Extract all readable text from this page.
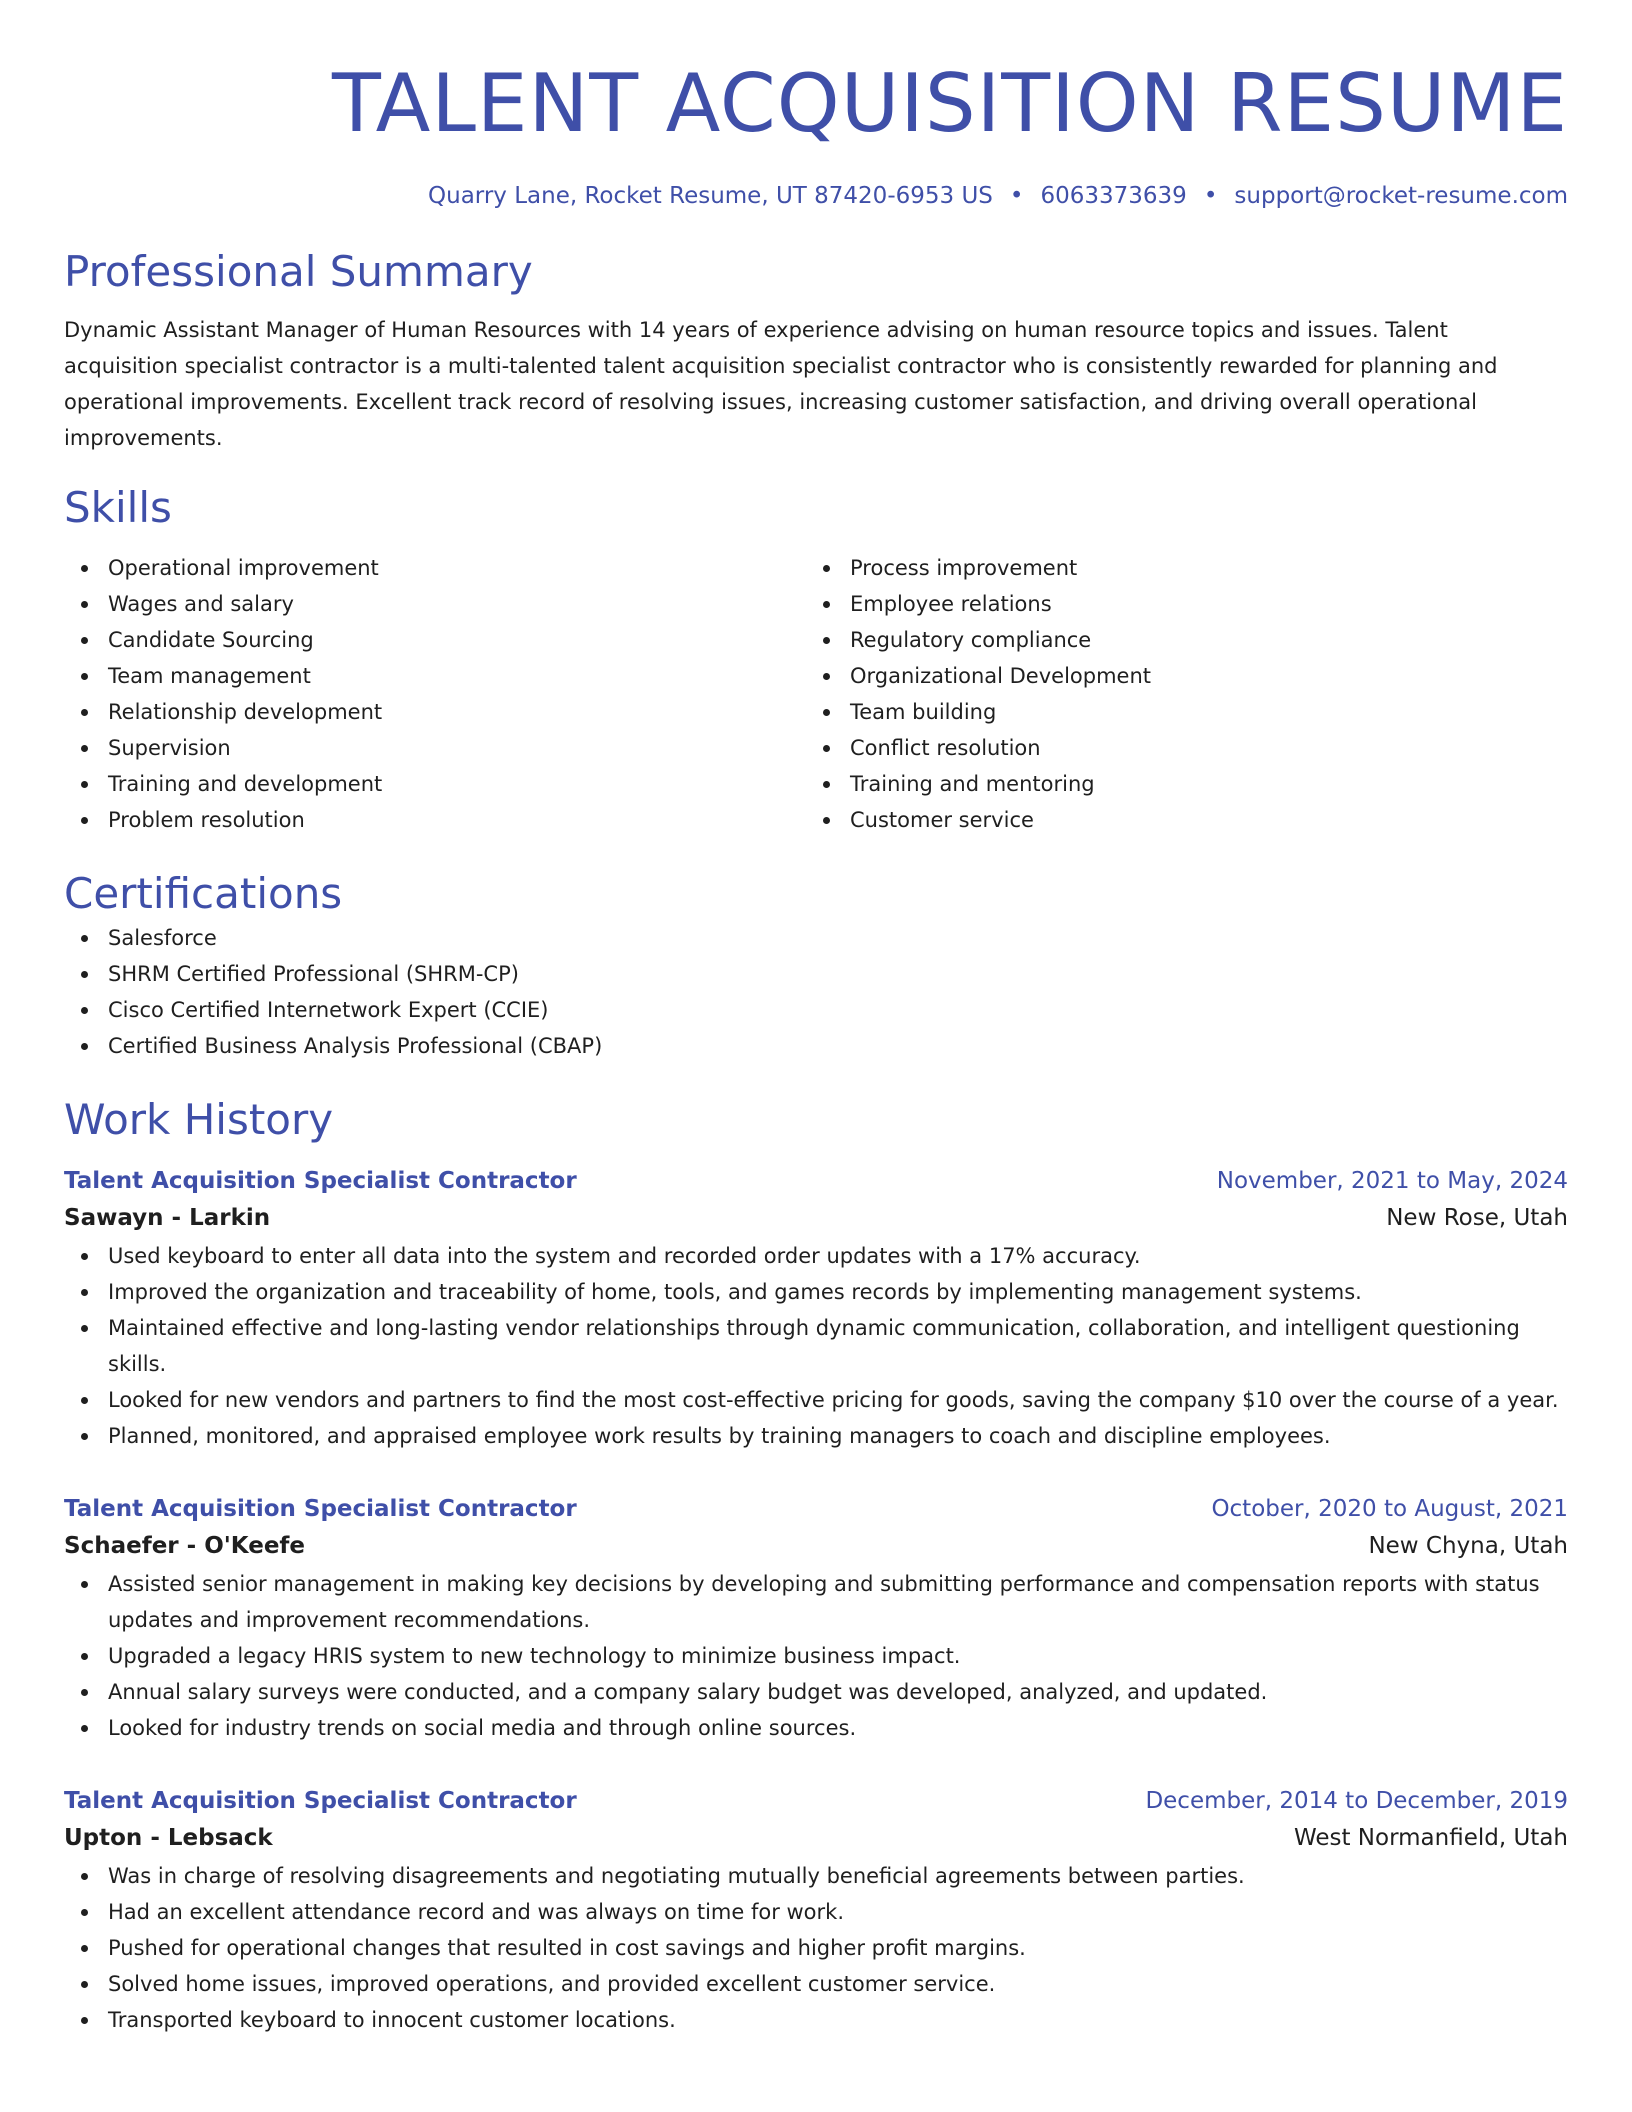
TALENT ACQUISITION RESUME
Quarry Lane, Rocket Resume, UT 87420-6953 US • 6063373639 • support@rocket-resume.com
Professional Summary

Dynamic Assistant Manager of Human Resources with 14 years of experience advising on human resource topics and issues. Talent acquisition specialist contractor is a multi-talented talent acquisition specialist contractor who is consistently rewarded for planning and operational improvements. Excellent track record of resolving issues, increasing customer satisfaction, and driving overall operational improvements.

Skills
Operational improvement
Wages and salary
Candidate Sourcing
Team management
Relationship development
Supervision
Training and development
Problem resolution
Process improvement
Employee relations
Regulatory compliance
Organizational Development
Team building
Conflict resolution
Training and mentoring
Customer service
Certifications
Salesforce
SHRM Certified Professional (SHRM-CP)
Cisco Certified Internetwork Expert (CCIE)
Certified Business Analysis Professional (CBAP)
Work History
Talent Acquisition Specialist Contractor	November, 2021 to May, 2024
Sawayn - Larkin	New Rose, Utah
Used keyboard to enter all data into the system and recorded order updates with a 17% accuracy.
Improved the organization and traceability of home, tools, and games records by implementing management systems.
Maintained effective and long-lasting vendor relationships through dynamic communication, collaboration, and intelligent questioning skills.
Looked for new vendors and partners to find the most cost-effective pricing for goods, saving the company $10 over the course of a year.
Planned, monitored, and appraised employee work results by training managers to coach and discipline employees.
Talent Acquisition Specialist Contractor	October, 2020 to August, 2021
Schaefer - O'Keefe	New Chyna, Utah
Assisted senior management in making key decisions by developing and submitting performance and compensation reports with status updates and improvement recommendations.
Upgraded a legacy HRIS system to new technology to minimize business impact.
Annual salary surveys were conducted, and a company salary budget was developed, analyzed, and updated.
Looked for industry trends on social media and through online sources.
Talent Acquisition Specialist Contractor	December, 2014 to December, 2019
Upton - Lebsack	West Normanfield, Utah
Was in charge of resolving disagreements and negotiating mutually beneficial agreements between parties.
Had an excellent attendance record and was always on time for work.
Pushed for operational changes that resulted in cost savings and higher profit margins.
Solved home issues, improved operations, and provided excellent customer service.
Transported keyboard to innocent customer locations.
